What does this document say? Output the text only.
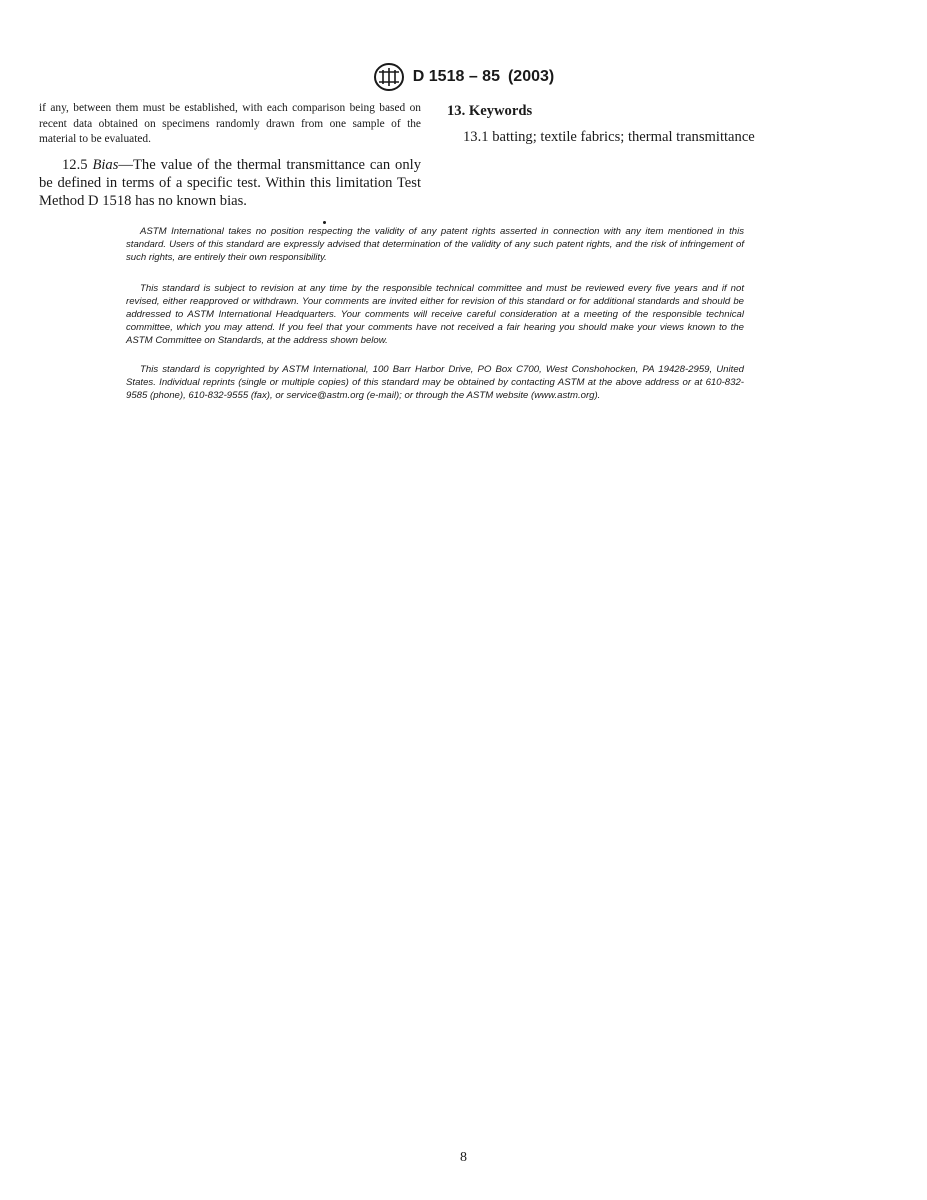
D 1518 – 85 (2003)

if any, between them must be established, with each comparison being based on recent data obtained on specimens randomly drawn from one sample of the material to be evaluated.

12.5 Bias—The value of the thermal transmittance can only be defined in terms of a specific test. Within this limitation Test Method D 1518 has no known bias.

13. Keywords

13.1 batting; textile fabrics; thermal transmittance

ASTM International takes no position respecting the validity of any patent rights asserted in connection with any item mentioned in this standard. Users of this standard are expressly advised that determination of the validity of any such patent rights, and the risk of infringement of such rights, are entirely their own responsibility.

This standard is subject to revision at any time by the responsible technical committee and must be reviewed every five years and if not revised, either reapproved or withdrawn. Your comments are invited either for revision of this standard or for additional standards and should be addressed to ASTM International Headquarters. Your comments will receive careful consideration at a meeting of the responsible technical committee, which you may attend. If you feel that your comments have not received a fair hearing you should make your views known to the ASTM Committee on Standards, at the address shown below.

This standard is copyrighted by ASTM International, 100 Barr Harbor Drive, PO Box C700, West Conshohocken, PA 19428-2959, United States. Individual reprints (single or multiple copies) of this standard may be obtained by contacting ASTM at the above address or at 610-832-9585 (phone), 610-832-9555 (fax), or service@astm.org (e-mail); or through the ASTM website (www.astm.org).

8
